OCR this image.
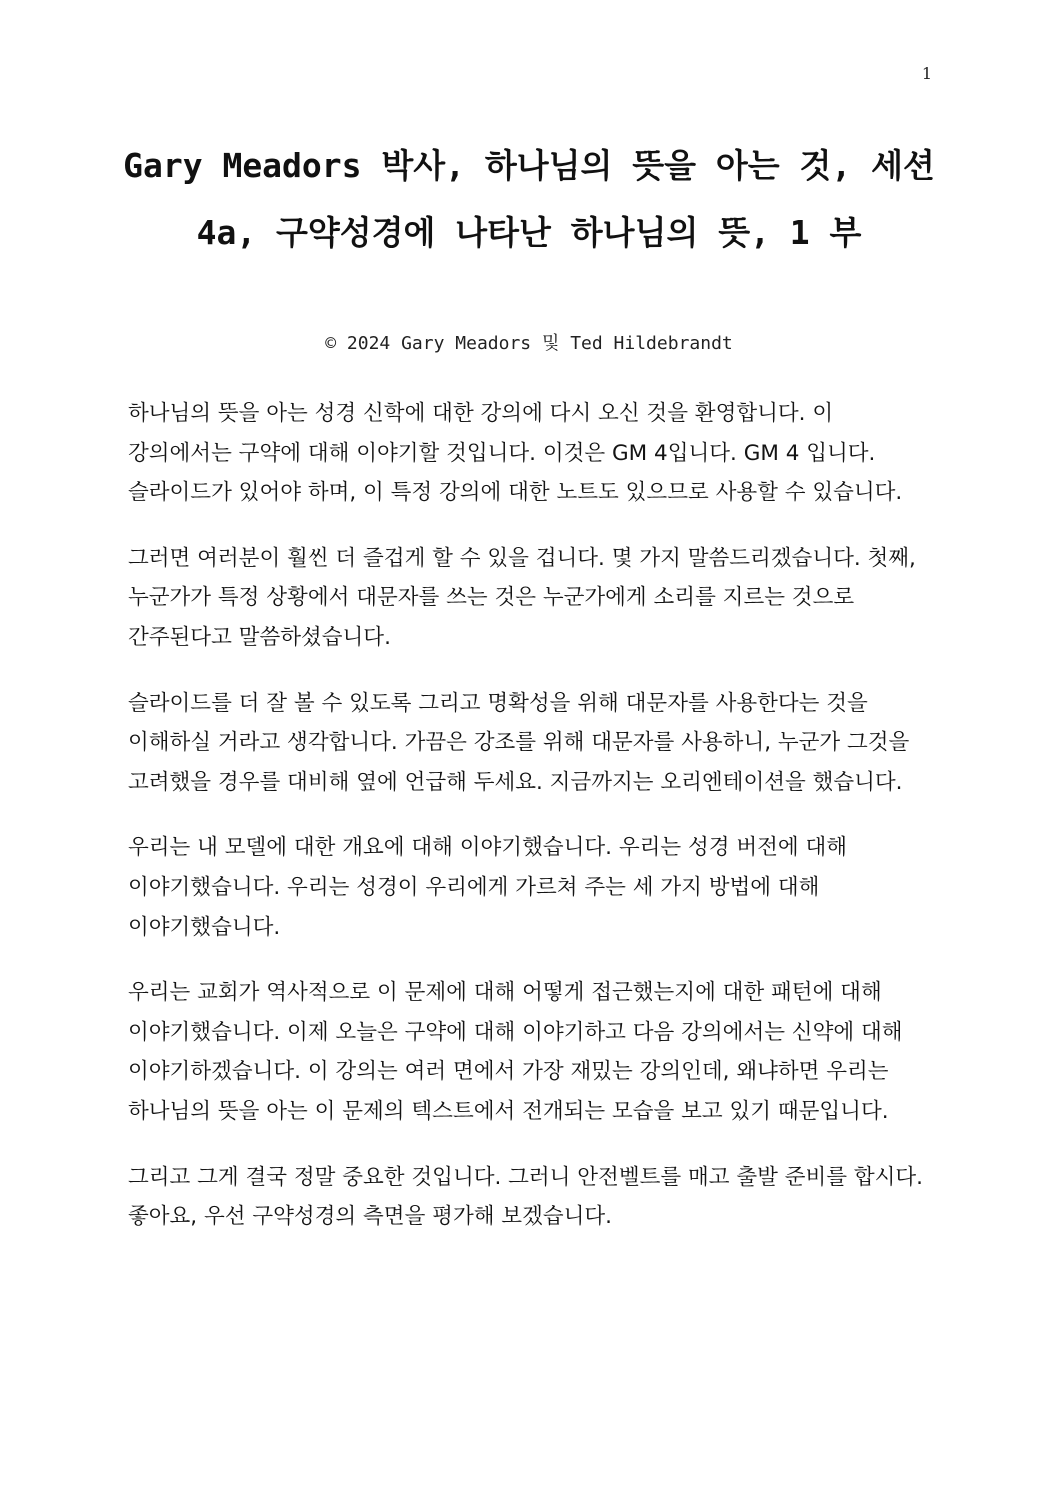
1
Gary Meadors 박사, 하나님의 뜻을 아는 것, 세션 4a, 구약성경에 나타난 하나님의 뜻, 1 부
© 2024 Gary Meadors 및 Ted Hildebrandt

하나님의 뜻을 아는 성경 신학에 대한 강의에 다시 오신 것을 환영합니다. 이 강의에서는 구약에 대해 이야기할 것입니다. 이것은 GM 4입니다. GM 4 입니다. 슬라이드가 있어야 하며, 이 특정 강의에 대한 노트도 있으므로 사용할 수 있습니다.

그러면 여러분이 훨씬 더 즐겁게 할 수 있을 겁니다. 몇 가지 말씀드리겠습니다. 첫째, 누군가가 특정 상황에서 대문자를 쓰는 것은 누군가에게 소리를 지르는 것으로 간주된다고 말씀하셨습니다.

슬라이드를 더 잘 볼 수 있도록 그리고 명확성을 위해 대문자를 사용한다는 것을 이해하실 거라고 생각합니다. 가끔은 강조를 위해 대문자를 사용하니, 누군가 그것을 고려했을 경우를 대비해 옆에 언급해 두세요. 지금까지는 오리엔테이션을 했습니다.

우리는 내 모델에 대한 개요에 대해 이야기했습니다. 우리는 성경 버전에 대해 이야기했습니다. 우리는 성경이 우리에게 가르쳐 주는 세 가지 방법에 대해 이야기했습니다.

우리는 교회가 역사적으로 이 문제에 대해 어떻게 접근했는지에 대한 패턴에 대해 이야기했습니다. 이제 오늘은 구약에 대해 이야기하고 다음 강의에서는 신약에 대해 이야기하겠습니다. 이 강의는 여러 면에서 가장 재밌는 강의인데, 왜냐하면 우리는 하나님의 뜻을 아는 이 문제의 텍스트에서 전개되는 모습을 보고 있기 때문입니다.

그리고 그게 결국 정말 중요한 것입니다. 그러니 안전벨트를 매고 출발 준비를 합시다. 좋아요, 우선 구약성경의 측면을 평가해 보겠습니다.
